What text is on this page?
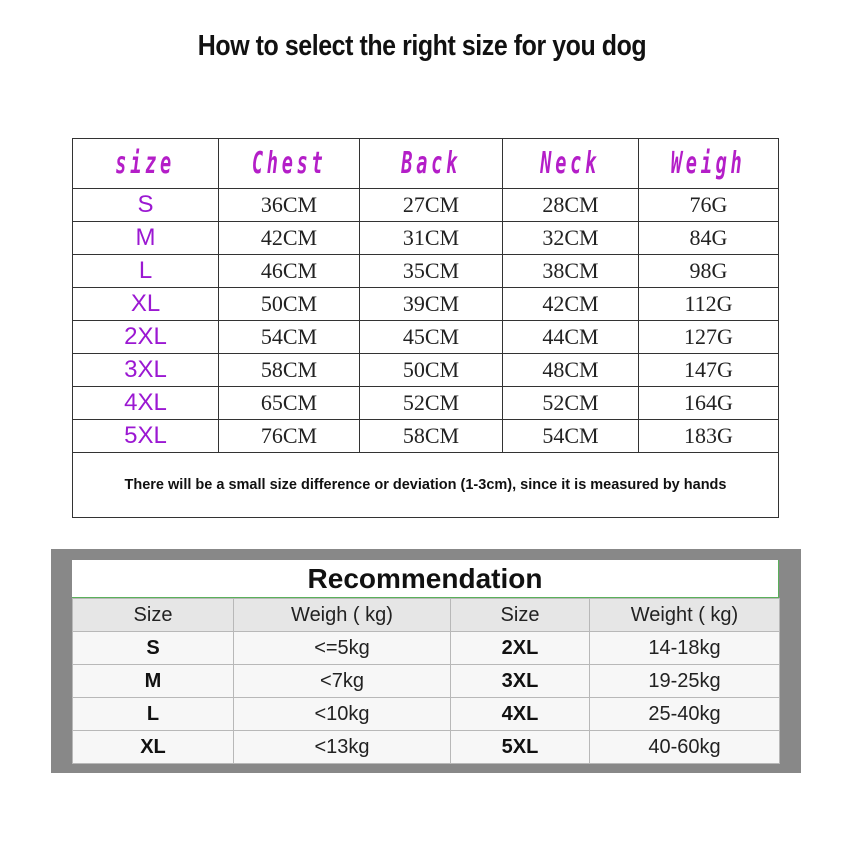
How to select the right size for you dog
size	Chest	Back	Neck	Weigh
S	36CM	27CM	28CM	76G
M	42CM	31CM	32CM	84G
L	46CM	35CM	38CM	98G
XL	50CM	39CM	42CM	112G
2XL	54CM	45CM	44CM	127G
3XL	58CM	50CM	48CM	147G
4XL	65CM	52CM	52CM	164G
5XL	76CM	58CM	54CM	183G
There will be a small size difference or deviation (1-3cm), since it is measured by hands				
Recommendation
Size	Weigh ( kg)	Size	Weight ( kg)
S	<=5kg	2XL	14-18kg
M	<7kg	3XL	19-25kg
L	<10kg	4XL	25-40kg
XL	<13kg	5XL	40-60kg
